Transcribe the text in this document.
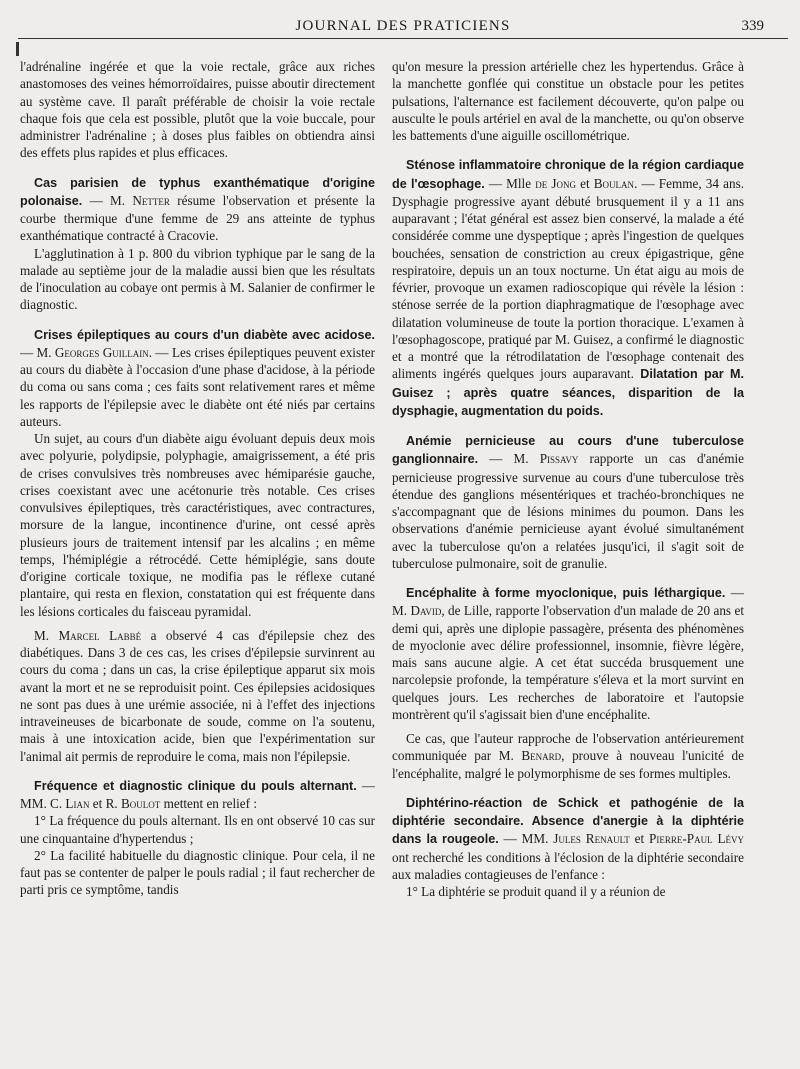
JOURNAL DES PRATICIENS	339

l'adrénaline ingérée et que la voie rectale, grâce aux riches anastomoses des veines hémorroïdaires, puisse aboutir directement au système cave. Il paraît préférable de choisir la voie rectale chaque fois que cela est possible, plutôt que la voie buccale, pour administrer l'adrénaline ; à doses plus faibles on obtiendra ainsi des effets plus rapides et plus efficaces.

Cas parisien de typhus exanthématique d'origine polonaise. — M. Netter résume l'observation et présente la courbe thermique d'une femme de 29 ans atteinte de typhus exanthématique contracté à Cracovie.

L'agglutination à 1 p. 800 du vibrion typhique par le sang de la malade au septième jour de la maladie aussi bien que les résultats de l'inoculation au cobaye ont permis à M. Salanier de confirmer le diagnostic.

Crises épileptiques au cours d'un diabète avec acidose. — M. Georges Guillain. — Les crises épileptiques peuvent exister au cours du diabète à l'occasion d'une phase d'acidose, à la période du coma ou sans coma ; ces faits sont relativement rares et même les rapports de l'épilepsie avec le diabète ont été niés par certains auteurs.

Un sujet, au cours d'un diabète aigu évoluant depuis deux mois avec polyurie, polydipsie, polyphagie, amaigrissement, a été pris de crises convulsives très nombreuses avec hémiparésie gauche, crises coexistant avec une acétonurie très notable. Ces crises convulsives épileptiques, très caractéristiques, avec contractures, morsure de la langue, incontinence d'urine, ont cessé après plusieurs jours de traitement intensif par les alcalins ; en même temps, l'hémiplégie a rétrocédé. Cette hémiplégie, sans doute d'origine corticale toxique, ne modifia pas le réflexe cutané plantaire, qui resta en flexion, constatation qui est fréquente dans les lésions corticales du faisceau pyramidal.

M. Marcel Labbé a observé 4 cas d'épilepsie chez des diabétiques. Dans 3 de ces cas, les crises d'épilepsie survinrent au cours du coma ; dans un cas, la crise épileptique apparut six mois avant la mort et ne se reproduisit point. Ces épilepsies acidosiques ne sont pas dues à une urémie associée, ni à l'effet des injections intraveineuses de bicarbonate de soude, comme on l'a soutenu, mais à une intoxication acide, bien que l'expérimentation sur l'animal ait permis de reproduire le coma, mais non l'épilepsie.

Fréquence et diagnostic clinique du pouls alternant. — MM. C. Lian et R. Boulot mettent en relief :

1° La fréquence du pouls alternant. Ils en ont observé 10 cas sur une cinquantaine d'hypertendus ;

2° La facilité habituelle du diagnostic clinique. Pour cela, il ne faut pas se contenter de palper le pouls radial ; il faut rechercher de parti pris ce symptôme, tandis

qu'on mesure la pression artérielle chez les hypertendus. Grâce à la manchette gonflée qui constitue un obstacle pour les petites pulsations, l'alternance est facilement découverte, qu'on palpe ou ausculte le pouls artériel en aval de la manchette, ou qu'on observe les battements d'une aiguille oscillométrique.

Sténose inflammatoire chronique de la région cardiaque de l'œsophage. — Mlle de Jong et Boulan. — Femme, 34 ans. Dysphagie progressive ayant débuté brusquement il y a 11 ans auparavant ; l'état général est assez bien conservé, la malade a été considérée comme une dyspeptique ; après l'ingestion de quelques bouchées, sensation de constriction au creux épigastrique, gêne respiratoire, depuis un an toux nocturne. Un état aigu au mois de février, provoque un examen radioscopique qui révèle la lésion : sténose serrée de la portion diaphragmatique de l'œsophage avec dilatation volumineuse de toute la portion thoracique. L'examen à l'œsophagoscope, pratiqué par M. Guisez, a confirmé le diagnostic et a montré que la rétrodilatation de l'œsophage contenait des aliments ingérés quelques jours auparavant. Dilatation par M. Guisez ; après quatre séances, disparition de la dysphagie, augmentation du poids.

Anémie pernicieuse au cours d'une tuberculose ganglionnaire. — M. Pissavy rapporte un cas d'anémie pernicieuse progressive survenue au cours d'une tuberculose très étendue des ganglions mésentériques et trachéo-bronchiques ne s'accompagnant que de lésions minimes du poumon. Dans les observations d'anémie pernicieuse ayant évolué simultanément avec la tuberculose qu'on a relatées jusqu'ici, il s'agit soit de tuberculose pulmonaire, soit de granulie.

Encéphalite à forme myoclonique, puis léthargique. — M. David, de Lille, rapporte l'observation d'un malade de 20 ans et demi qui, après une diplopie passagère, présenta des phénomènes de myoclonie avec délire professionnel, insomnie, fièvre légère, mais sans aucune algie. A cet état succéda brusquement une narcolepsie profonde, la température s'éleva et la mort survint en quelques jours. Les recherches de laboratoire et l'autopsie montrèrent qu'il s'agissait bien d'une encéphalite.

Ce cas, que l'auteur rapproche de l'observation antérieurement communiquée par M. Benard, prouve à nouveau l'unicité de l'encéphalite, malgré le polymorphisme de ses formes multiples.

Diphtérino-réaction de Schick et pathogénie de la diphtérie secondaire. Absence d'anergie à la diphtérie dans la rougeole. — MM. Jules Renault et Pierre-Paul Lévy ont recherché les conditions à l'éclosion de la diphtérie secondaire aux maladies contagieuses de l'enfance :

1° La diphtérie se produit quand il y a réunion de
